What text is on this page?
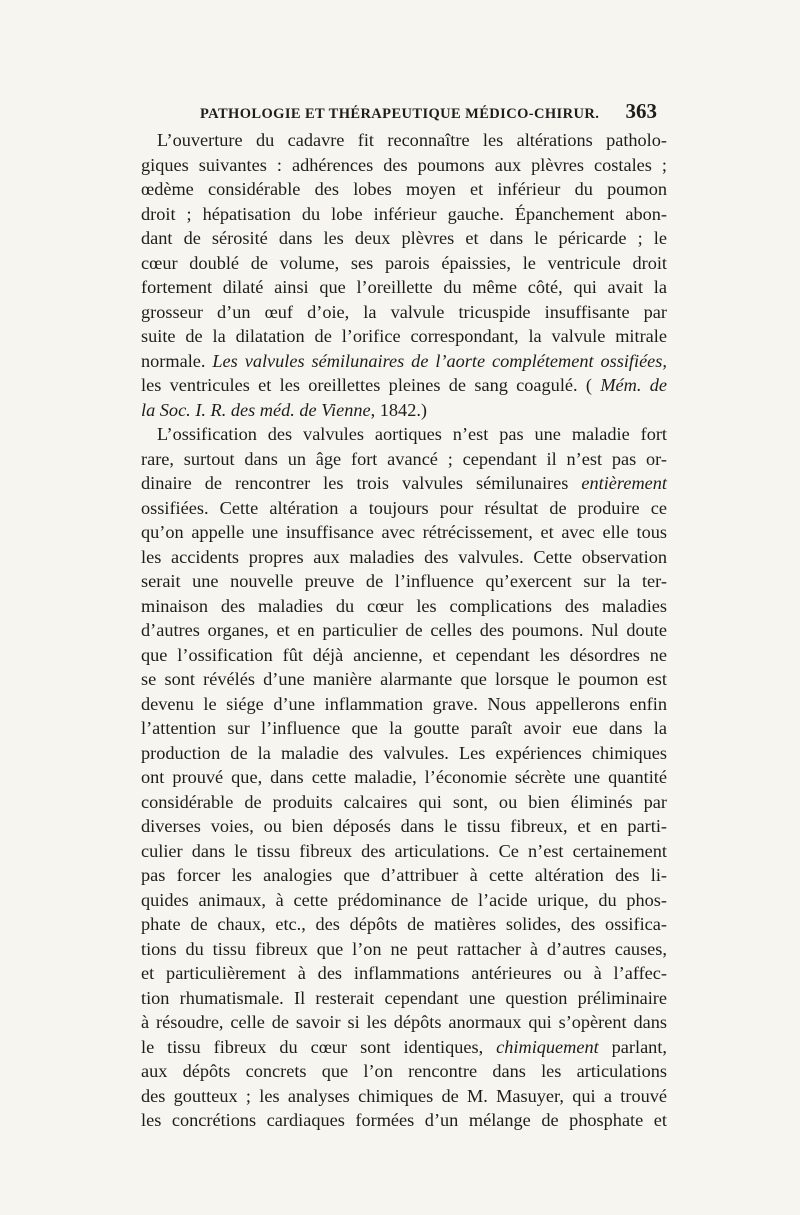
PATHOLOGIE ET THÉRAPEUTIQUE MÉDICO-CHIRUR. 363
L’ouverture du cadavre fit reconnaître les altérations patholo-
giques suivantes : adhérences des poumons aux plèvres costales ;
œdème considérable des lobes moyen et inférieur du poumon
droit ; hépatisation du lobe inférieur gauche. Épanchement abon-
dant de sérosité dans les deux plèvres et dans le péricarde ; le
cœur doublé de volume, ses parois épaissies, le ventricule droit
fortement dilaté ainsi que l’oreillette du même côté, qui avait la
grosseur d’un œuf d’oie, la valvule tricuspide insuffisante par
suite de la dilatation de l’orifice correspondant, la valvule mitrale
normale. Les valvules sémilunaires de l’aorte complétement ossifiées,
les ventricules et les oreillettes pleines de sang coagulé. ( Mém. de
la Soc. I. R. des méd. de Vienne, 1842.)
L’ossification des valvules aortiques n’est pas une maladie fort
rare, surtout dans un âge fort avancé ; cependant il n’est pas or-
dinaire de rencontrer les trois valvules sémilunaires entièrement
ossifiées. Cette altération a toujours pour résultat de produire ce
qu’on appelle une insuffisance avec rétrécissement, et avec elle tous
les accidents propres aux maladies des valvules. Cette observation
serait une nouvelle preuve de l’influence qu’exercent sur la ter-
minaison des maladies du cœur les complications des maladies
d’autres organes, et en particulier de celles des poumons. Nul doute
que l’ossification fût déjà ancienne, et cependant les désordres ne
se sont révélés d’une manière alarmante que lorsque le poumon est
devenu le siége d’une inflammation grave. Nous appellerons enfin
l’attention sur l’influence que la goutte paraît avoir eue dans la
production de la maladie des valvules. Les expériences chimiques
ont prouvé que, dans cette maladie, l’économie sécrète une quantité
considérable de produits calcaires qui sont, ou bien éliminés par
diverses voies, ou bien déposés dans le tissu fibreux, et en parti-
culier dans le tissu fibreux des articulations. Ce n’est certainement
pas forcer les analogies que d’attribuer à cette altération des li-
quides animaux, à cette prédominance de l’acide urique, du phos-
phate de chaux, etc., des dépôts de matières solides, des ossifica-
tions du tissu fibreux que l’on ne peut rattacher à d’autres causes,
et particulièrement à des inflammations antérieures ou à l’affec-
tion rhumatismale. Il resterait cependant une question préliminaire
à résoudre, celle de savoir si les dépôts anormaux qui s’opèrent dans
le tissu fibreux du cœur sont identiques, chimiquement parlant,
aux dépôts concrets que l’on rencontre dans les articulations
des goutteux ; les analyses chimiques de M. Masuyer, qui a trouvé
les concrétions cardiaques formées d’un mélange de phosphate et
